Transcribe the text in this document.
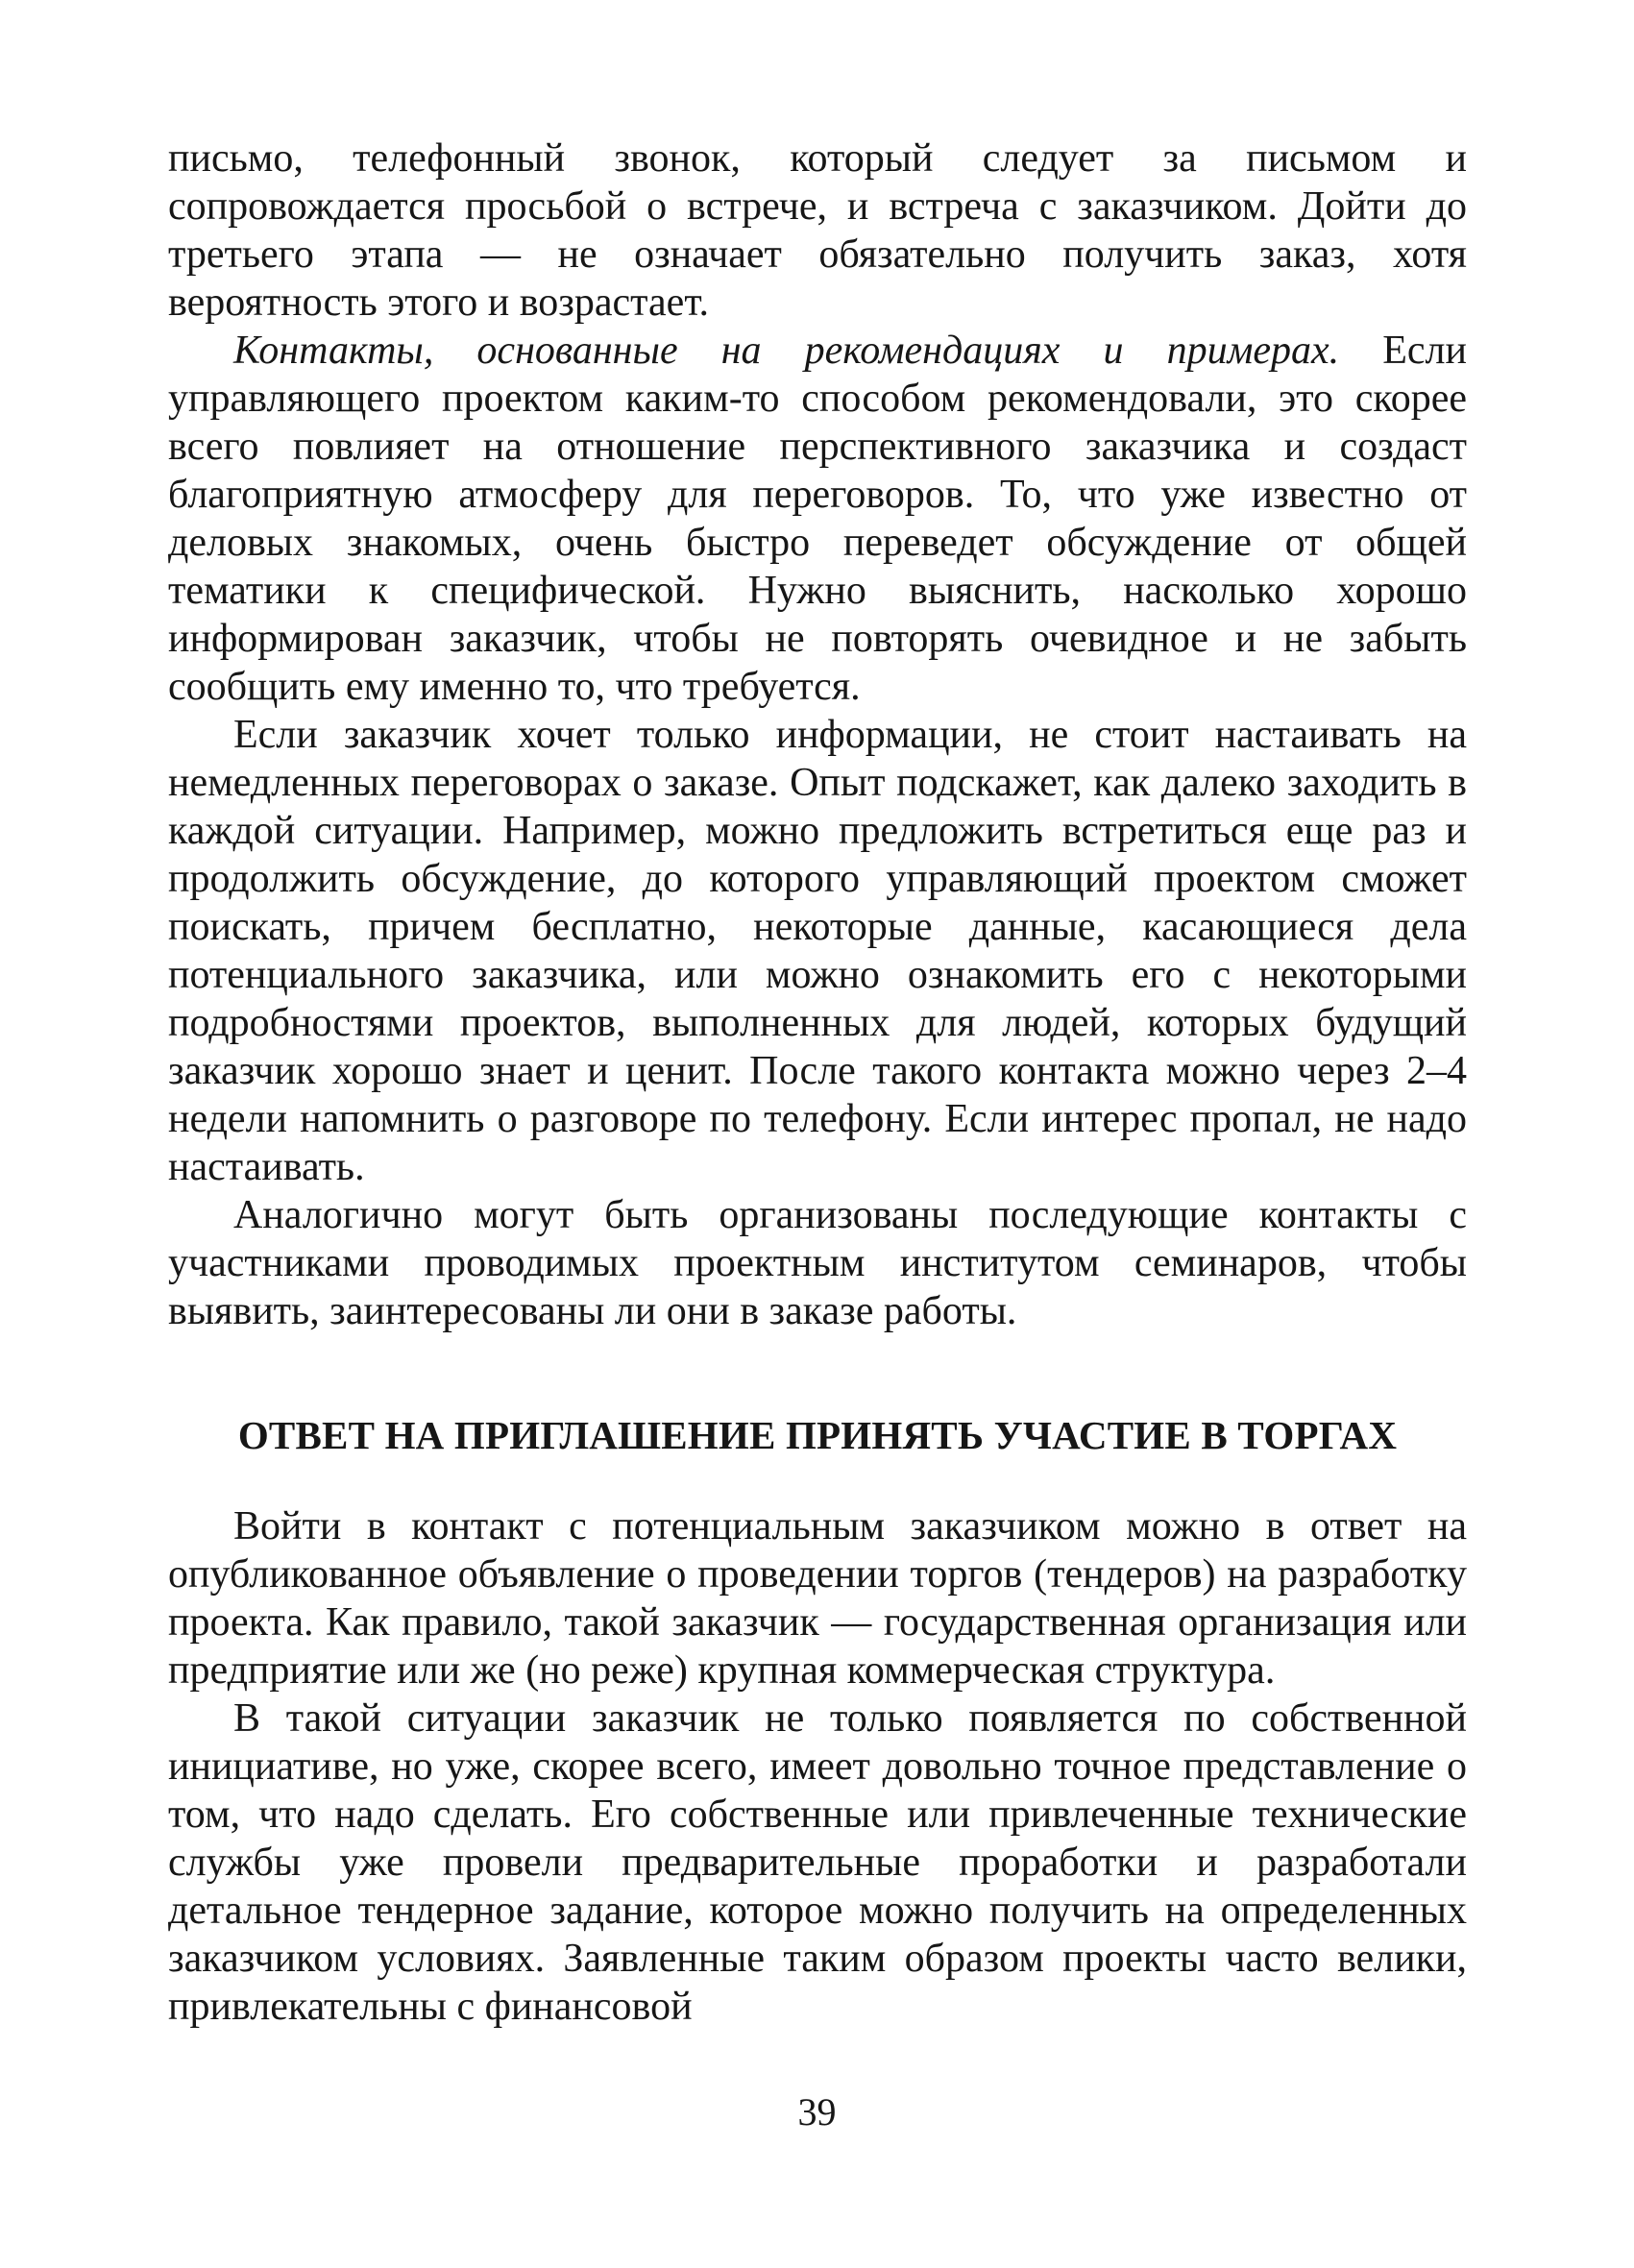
письмо, телефонный звонок, который следует за письмом и сопровождается просьбой о встрече, и встреча с заказчиком. Дойти до третьего этапа — не означает обязательно получить заказ, хотя вероятность этого и возрастает.

Контакты, основанные на рекомендациях и примерах. Если управляющего проектом каким-то способом рекомендовали, это скорее всего повлияет на отношение перспективного заказчика и создаст благоприятную атмосферу для переговоров. То, что уже известно от деловых знакомых, очень быстро переведет обсуждение от общей тематики к специфической. Нужно выяснить, насколько хорошо информирован заказчик, чтобы не повторять очевидное и не забыть сообщить ему именно то, что требуется.

Если заказчик хочет только информации, не стоит настаивать на немедленных переговорах о заказе. Опыт подскажет, как далеко заходить в каждой ситуации. Например, можно предложить встретиться еще раз и продолжить обсуждение, до которого управляющий проектом сможет поискать, причем бесплатно, некоторые данные, касающиеся дела потенциального заказчика, или можно ознакомить его с некоторыми подробностями проектов, выполненных для людей, которых будущий заказчик хорошо знает и ценит. После такого контакта можно через 2–4 недели напомнить о разговоре по телефону. Если интерес пропал, не надо настаивать.

Аналогично могут быть организованы последующие контакты с участниками проводимых проектным институтом семинаров, чтобы выявить, заинтересованы ли они в заказе работы.

ОТВЕТ НА ПРИГЛАШЕНИЕ ПРИНЯТЬ УЧАСТИЕ В ТОРГАХ

Войти в контакт с потенциальным заказчиком можно в ответ на опубликованное объявление о проведении торгов (тендеров) на разработку проекта. Как правило, такой заказчик — государственная организация или предприятие или же (но реже) крупная коммерческая структура.

В такой ситуации заказчик не только появляется по собственной инициативе, но уже, скорее всего, имеет довольно точное представление о том, что надо сделать. Его собственные или привлеченные технические службы уже провели предварительные проработки и разработали детальное тендерное задание, которое можно получить на определенных заказчиком условиях. Заявленные таким образом проекты часто велики, привлекательны с финансовой

39
